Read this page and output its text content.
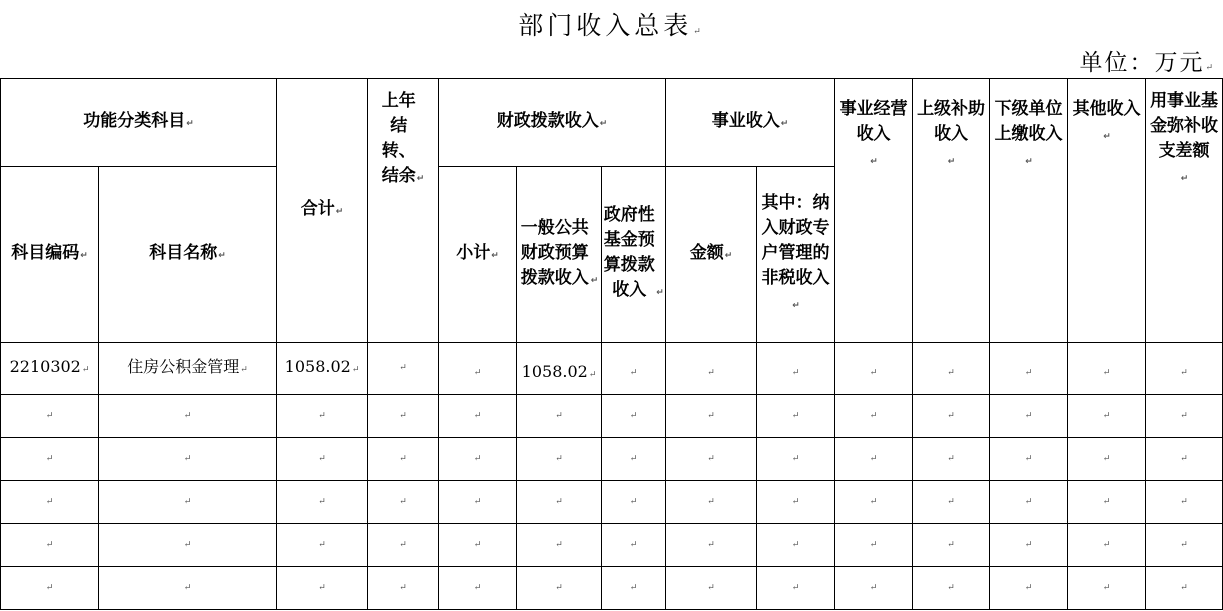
部门收入总表↵
单位：万元↵
功能分类科目↵		合计↵	上年结转、结余↵	财政拨款收入↵			事业收入↵		事业经营收入↵	上级补助收入↵	下级单位上缴收入↵	其他收入↵	用事业基金弥补收支差额↵
科目编码↵	科目名称↵			小计↵	一般公共财政预算拨款收入 ↵	政府性基金预算拨款收入 ↵	金额↵	其中：纳入财政专户管理的非税收入↵					
2210302↵	住房公积金管理↵	1058.02↵	↵	↵	1058.02↵	↵	↵	↵	↵	↵	↵	↵	↵
↵	↵	↵	↵	↵	↵	↵	↵	↵	↵	↵	↵	↵	↵
↵	↵	↵	↵	↵	↵	↵	↵	↵	↵	↵	↵	↵	↵
↵	↵	↵	↵	↵	↵	↵	↵	↵	↵	↵	↵	↵	↵
↵	↵	↵	↵	↵	↵	↵	↵	↵	↵	↵	↵	↵	↵
↵	↵	↵	↵	↵	↵	↵	↵	↵	↵	↵	↵	↵	↵
